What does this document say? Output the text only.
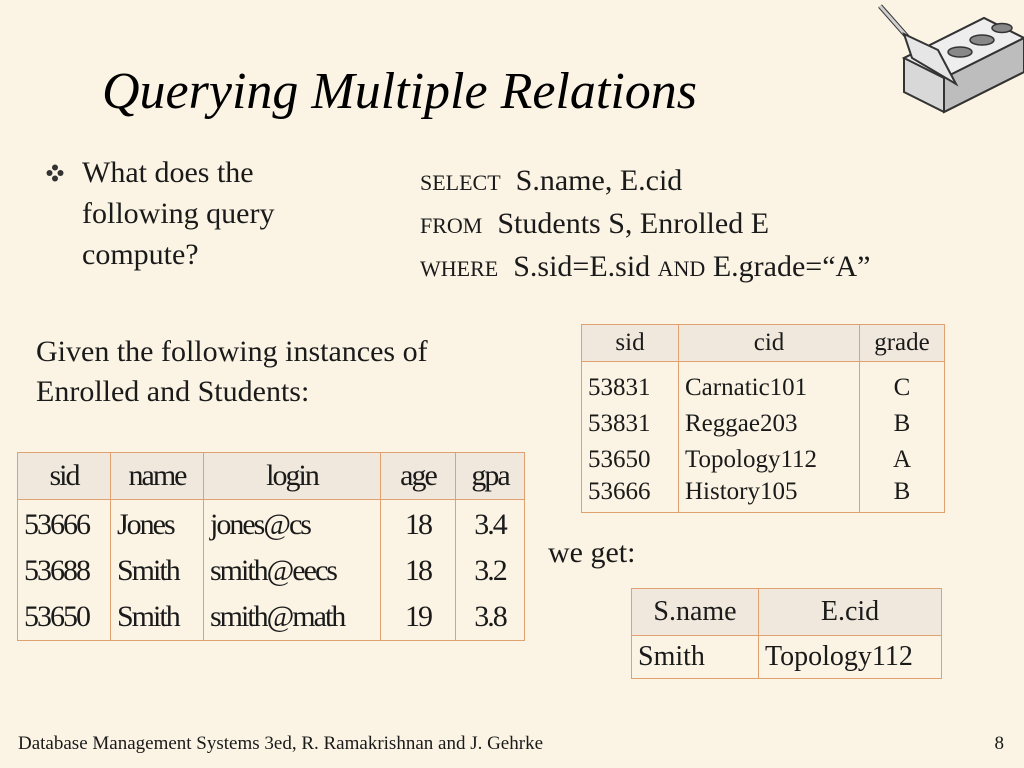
Querying Multiple Relations
What does the following query compute?
SELECT S.name, E.cid
FROM Students S, Enrolled E
WHERE S.sid=E.sid AND E.grade=“A”
Given the following instances of Enrolled and Students:
sid	cid	grade
53831	Carnatic101	C
53831	Reggae203	B
53650	Topology112	A
53666	History105	B
sid	name	login	age	gpa
53666	Jones	jones@cs	18	3.4
53688	Smith	smith@eecs	18	3.2
53650	Smith	smith@math	19	3.8
we get:
S.name	E.cid
Smith	Topology112
Database Management Systems 3ed, R. Ramakrishnan and J. Gehrke	8
